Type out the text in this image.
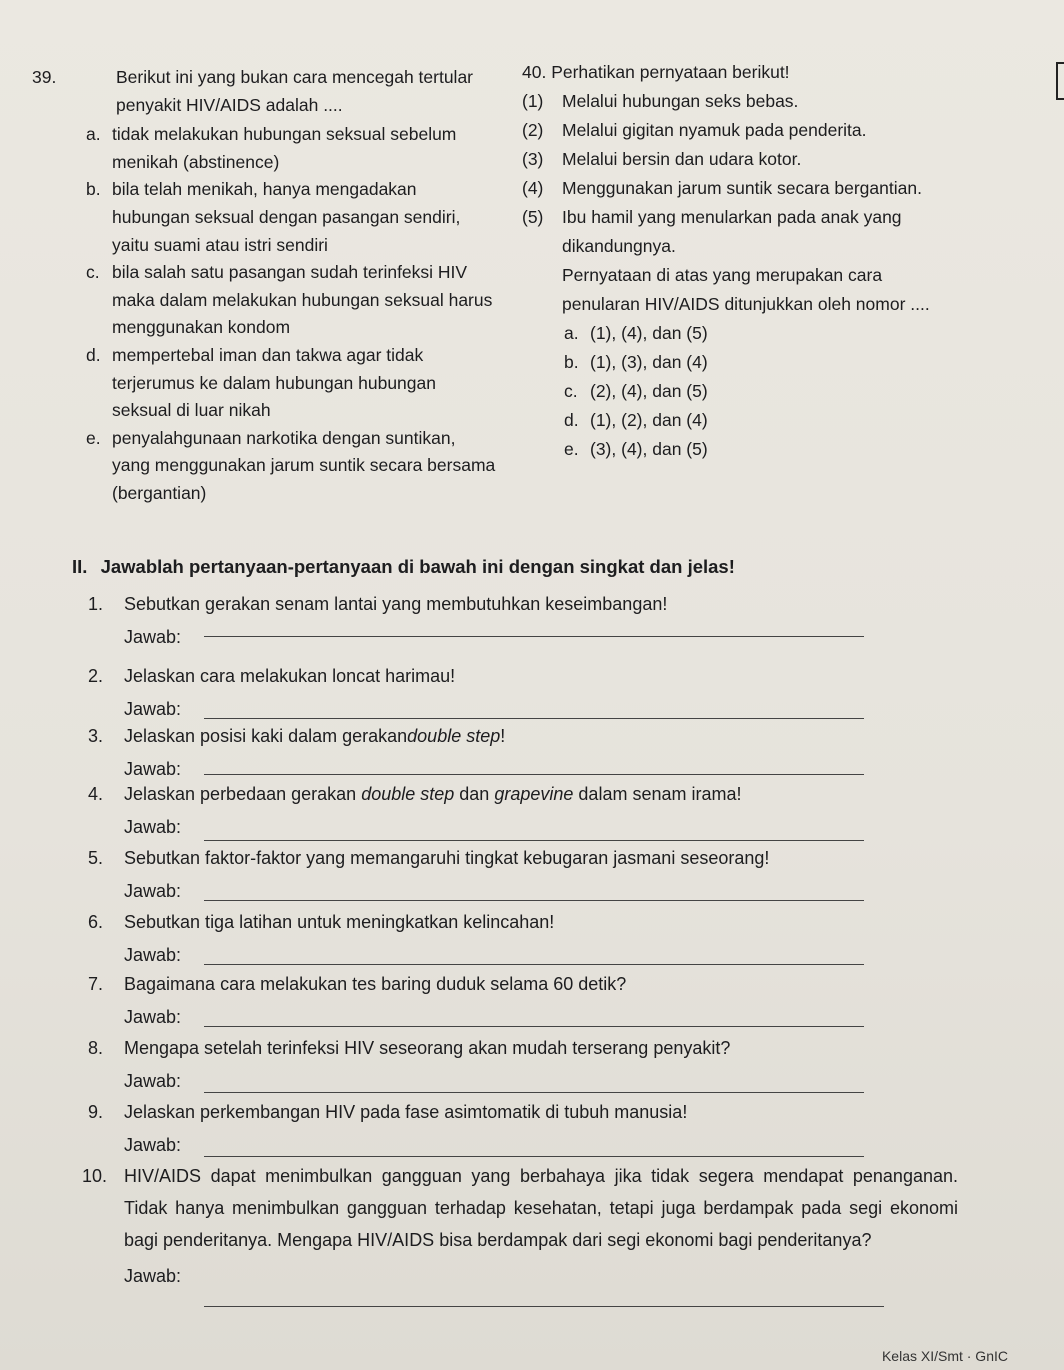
39.	Berikut ini yang bukan cara mencegah tertular penyakit HIV/AIDS adalah ....
a. tidak melakukan hubungan seksual sebelum menikah (abstinence)
b. bila telah menikah, hanya mengadakan hubungan seksual dengan pasangan sendiri, yaitu suami atau istri sendiri
c. bila salah satu pasangan sudah terinfeksi HIV maka dalam melakukan hubungan seksual harus menggunakan kondom
d. mempertebal iman dan takwa agar tidak terjerumus ke dalam hubungan hubungan seksual di luar nikah
e. penyalahgunaan narkotika dengan suntikan, yang menggunakan jarum suntik secara bersama (bergantian)
40. Perhatikan pernyataan berikut!
(1)	Melalui hubungan seks bebas.
(2)	Melalui gigitan nyamuk pada penderita.
(3)	Melalui bersin dan udara kotor.
(4)	Menggunakan jarum suntik secara bergantian.
(5)	Ibu hamil yang menularkan pada anak yang dikandungnya.
Pernyataan di atas yang merupakan cara penularan HIV/AIDS ditunjukkan oleh nomor ....
a. (1), (4), dan (5)
b. (1), (3), dan (4)
c. (2), (4), dan (5)
d. (1), (2), dan (4)
e. (3), (4), dan (5)
II. Jawablah pertanyaan-pertanyaan di bawah ini dengan singkat dan jelas!
1.	Sebutkan gerakan senam lantai yang membutuhkan keseimbangan!
Jawab:
2.	Jelaskan cara melakukan loncat harimau!
Jawab:
3.	Jelaskan posisi kaki dalam gerakan double step !
Jawab:
4.	Jelaskan perbedaan gerakan double step dan grapevine dalam senam irama!
Jawab:
5.	Sebutkan faktor-faktor yang memangaruhi tingkat kebugaran jasmani seseorang!
Jawab:
6.	Sebutkan tiga latihan untuk meningkatkan kelincahan!
Jawab:
7.	Bagaimana cara melakukan tes baring duduk selama 60 detik?
Jawab:
8.	Mengapa setelah terinfeksi HIV seseorang akan mudah terserang penyakit?
Jawab:
9.	Jelaskan perkembangan HIV pada fase asimtomatik di tubuh manusia!
Jawab:
10. HIV/AIDS dapat menimbulkan gangguan yang berbahaya jika tidak segera mendapat penanganan. Tidak hanya menimbulkan gangguan terhadap kesehatan, tetapi juga berdampak pada segi ekonomi bagi penderitanya. Mengapa HIV/AIDS bisa berdampak dari segi ekonomi bagi penderitanya?
Jawab:
Kelas XI/Smt · GnIC
